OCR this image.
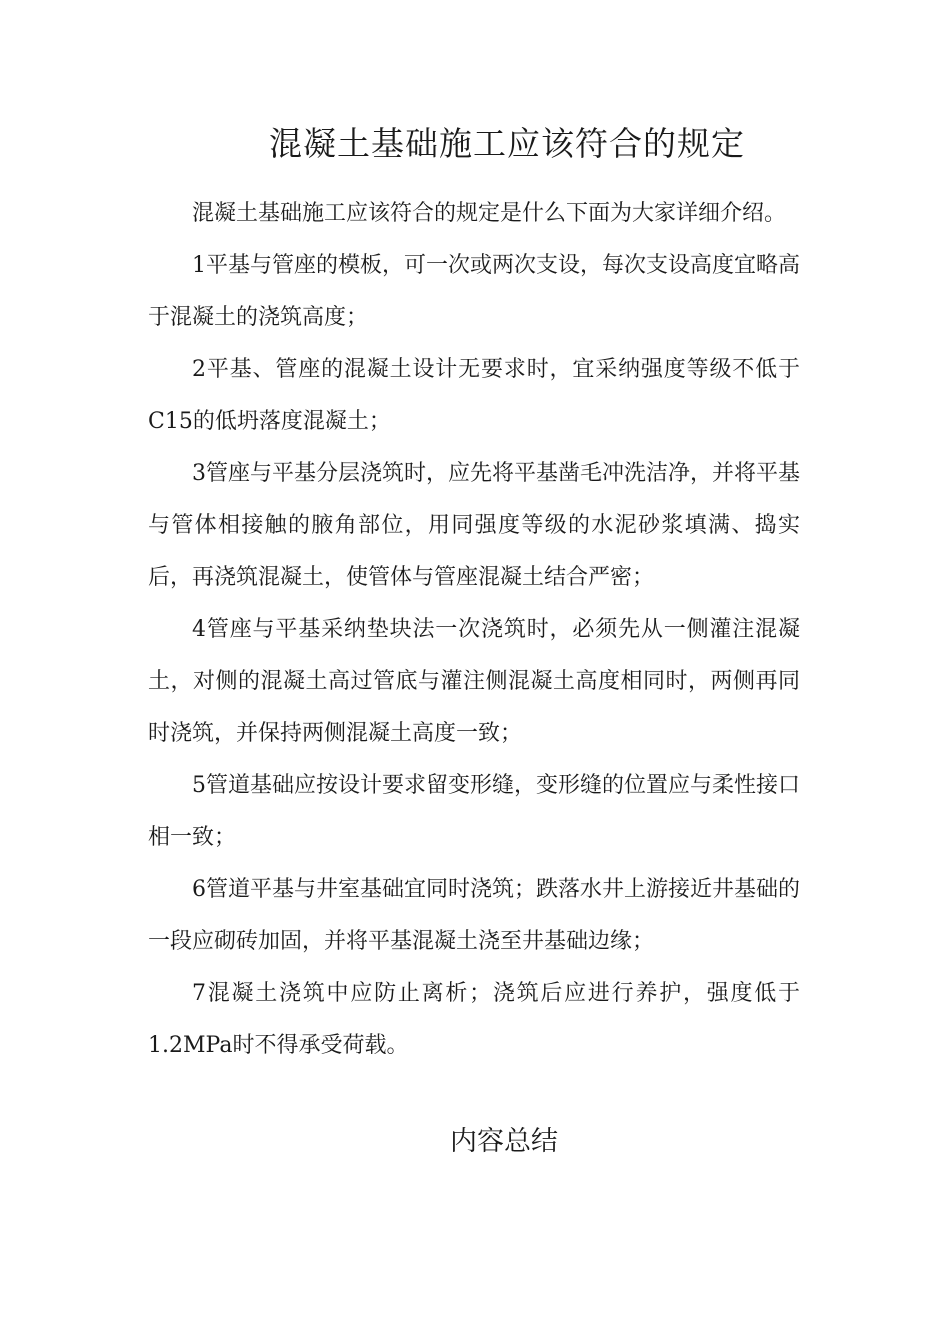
混凝土基础施工应该符合的规定

混凝土基础施工应该符合的规定是什么下面为大家详细介绍。

1平基与管座的模板，可一次或两次支设，每次支设高度宜略高于混凝土的浇筑高度；

2平基、管座的混凝土设计无要求时，宜采纳强度等级不低于C15的低坍落度混凝土；

3管座与平基分层浇筑时，应先将平基凿毛冲洗洁净，并将平基与管体相接触的腋角部位，用同强度等级的水泥砂浆填满、捣实后，再浇筑混凝土，使管体与管座混凝土结合严密；

4管座与平基采纳垫块法一次浇筑时，必须先从一侧灌注混凝土，对侧的混凝土高过管底与灌注侧混凝土高度相同时，两侧再同时浇筑，并保持两侧混凝土高度一致；

5管道基础应按设计要求留变形缝，变形缝的位置应与柔性接口相一致；

6管道平基与井室基础宜同时浇筑；跌落水井上游接近井基础的一段应砌砖加固，并将平基混凝土浇至井基础边缘；

7混凝土浇筑中应防止离析；浇筑后应进行养护，强度低于1.2MPa时不得承受荷载。

内容总结
